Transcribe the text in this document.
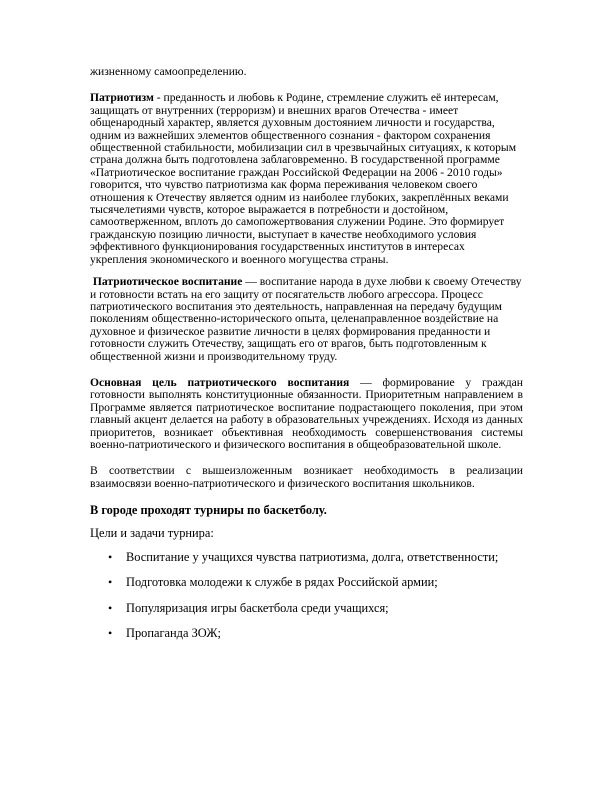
жизненному самоопределению.

Патриотизм - преданность и любовь к Родине, стремление служить её интересам, защищать от внутренних (терроризм) и внешних врагов Отечества - имеет общенародный характер, является духовным достоянием личности и государства, одним из важнейших элементов общественного сознания - фактором сохранения общественной стабильности, мобилизации сил в чрезвычайных ситуациях, к которым страна должна быть подготовлена заблаговременно. В государственной программе «Патриотическое воспитание граждан Российской Федерации на 2006 - 2010 годы» говорится, что чувство патриотизма как форма переживания человеком своего отношения к Отечеству является одним из наиболее глубоких, закреплённых веками тысячелетиями чувств, которое выражается в потребности и достойном, самоотверженном, вплоть до самопожертвования служении Родине. Это формирует гражданскую позицию личности, выступает в качестве необходимого условия эффективного функционирования государственных институтов в интересах укрепления экономического и военного могущества страны.

Патриотическое воспитание — воспитание народа в духе любви к своему Отечеству и готовности встать на его защиту от посягательств любого агрессора. Процесс патриотического воспитания это деятельность, направленная на передачу будущим поколениям общественно-исторического опыта, целенаправленное воздействие на духовное и физическое развитие личности в целях формирования преданности и готовности служить Отечеству, защищать его от врагов, быть подготовленным к общественной жизни и производительному труду.

Основная цель патриотического воспитания — формирование у граждан готовности выполнять конституционные обязанности. Приоритетным направлением в Программе является патриотическое воспитание подрастающего поколения, при этом главный акцент делается на работу в образовательных учреждениях. Исходя из данных приоритетов, возникает объективная необходимость совершенствования системы военно-патриотического и физического воспитания в общеобразовательной школе.

В соответствии с вышеизложенным возникает необходимость в реализации взаимосвязи военно-патриотического и физического воспитания школьников.

В городе проходят турниры по баскетболу.

Цели и задачи турнира:

• Воспитание у учащихся чувства патриотизма, долга, ответственности;
• Подготовка молодежи к службе в рядах Российской армии;
• Популяризация игры баскетбола среди учащихся;
• Пропаганда ЗОЖ;
